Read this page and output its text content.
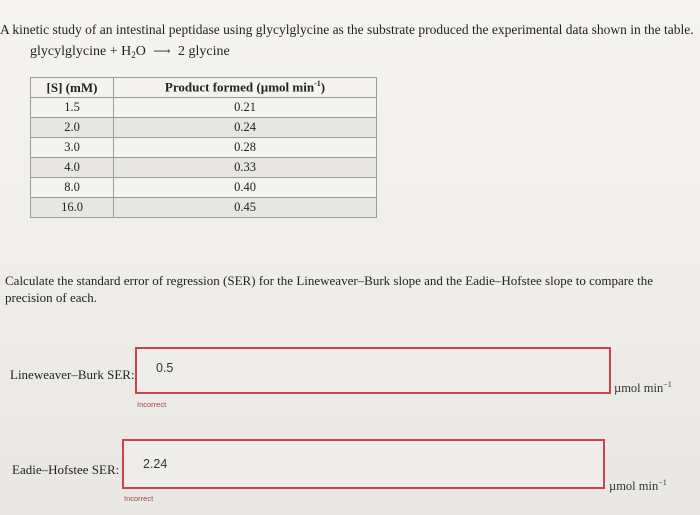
A kinetic study of an intestinal peptidase using glycylglycine as the substrate produced the experimental data shown in the table.
glycylglycine + $H_2O$ ⟶ 2 glycine
[S] (mM)	Product formed (µmol $\min^{-1}$)
1.5	0.21
2.0	0.24
3.0	0.28
4.0	0.33
8.0	0.40
16.0	0.45
Calculate the standard error of regression (SER) for the Lineweaver–Burk slope and the Eadie–Hofstee slope to compare the precision of each.
Lineweaver–Burk SER: 0.5
µmol $\min^{-1}$
Incorrect
Eadie–Hofstee SER: 2.24
µmol $\min^{-1}$
Incorrect
